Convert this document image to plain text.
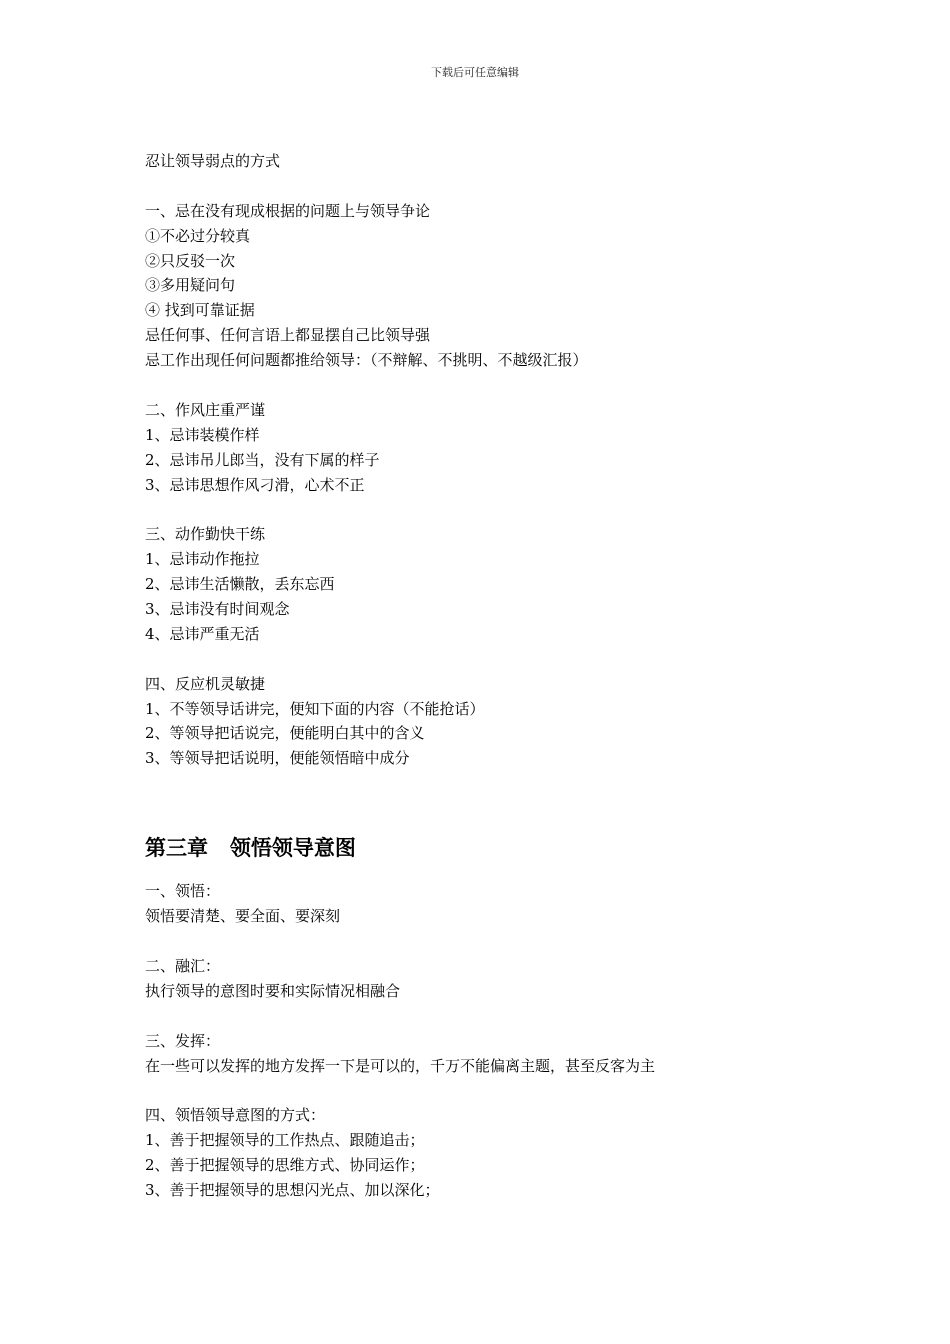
下载后可任意编辑
忍让领导弱点的方式
一、忌在没有现成根据的问题上与领导争论
①不必过分较真
②只反驳一次
③多用疑问句
④ 找到可靠证据
忌任何事、任何言语上都显摆自己比领导强
忌工作出现任何问题都推给领导：（不辩解、不挑明、不越级汇报）
二、作风庄重严谨
1、忌讳装模作样
2、忌讳吊儿郎当，没有下属的样子
3、忌讳思想作风刁滑，心术不正
三、动作勤快干练
1、忌讳动作拖拉
2、忌讳生活懒散，丢东忘西
3、忌讳没有时间观念
4、忌讳严重无活
四、反应机灵敏捷
1、不等领导话讲完，便知下面的内容（不能抢话）
2、等领导把话说完，便能明白其中的含义
3、等领导把话说明，便能领悟暗中成分
第三章   领悟领导意图
一、领悟：
领悟要清楚、要全面、要深刻
二、融汇：
执行领导的意图时要和实际情况相融合
三、发挥：
在一些可以发挥的地方发挥一下是可以的，千万不能偏离主题，甚至反客为主
四、领悟领导意图的方式：
1、善于把握领导的工作热点、跟随追击；
2、善于把握领导的思维方式、协同运作；
3、善于把握领导的思想闪光点、加以深化；
